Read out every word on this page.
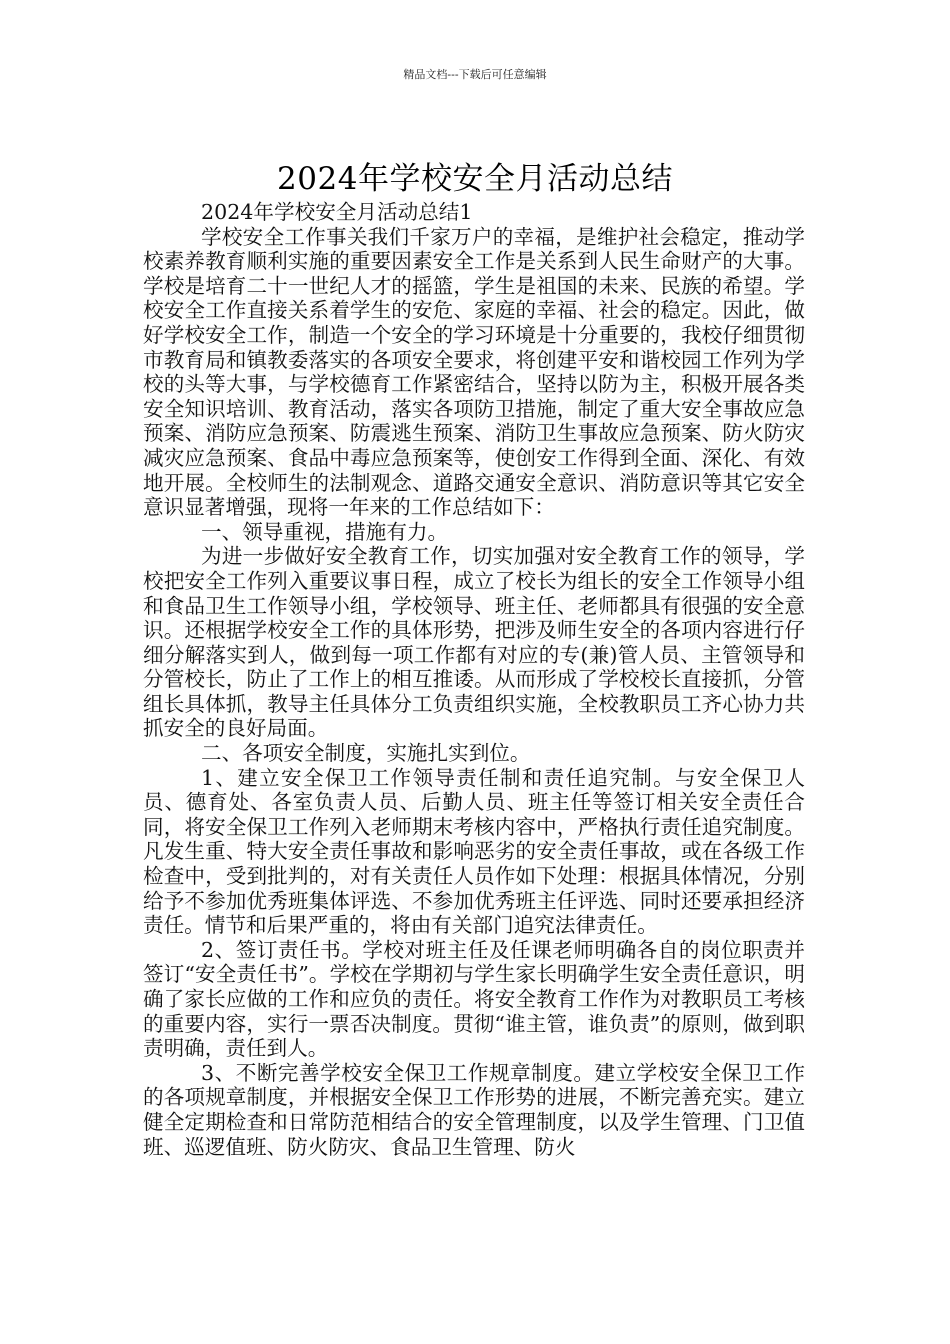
精品文档---下载后可任意编辑
2024年学校安全月活动总结

2024年学校安全月活动总结1

学校安全工作事关我们千家万户的幸福，是维护社会稳定，推动学校素养教育顺利实施的重要因素安全工作是关系到人民生命财产的大事。学校是培育二十一世纪人才的摇篮，学生是祖国的未来、民族的希望。学校安全工作直接关系着学生的安危、家庭的幸福、社会的稳定。因此，做好学校安全工作，制造一个安全的学习环境是十分重要的，我校仔细贯彻市教育局和镇教委落实的各项安全要求，将创建平安和谐校园工作列为学校的头等大事，与学校德育工作紧密结合，坚持以防为主，积极开展各类安全知识培训、教育活动，落实各项防卫措施，制定了重大安全事故应急预案、消防应急预案、防震逃生预案、消防卫生事故应急预案、防火防灾减灾应急预案、食品中毒应急预案等，使创安工作得到全面、深化、有效地开展。全校师生的法制观念、道路交通安全意识、消防意识等其它安全意识显著增强，现将一年来的工作总结如下：

一、领导重视，措施有力。

为进一步做好安全教育工作，切实加强对安全教育工作的领导，学校把安全工作列入重要议事日程，成立了校长为组长的安全工作领导小组和食品卫生工作领导小组，学校领导、班主任、老师都具有很强的安全意识。还根据学校安全工作的具体形势，把涉及师生安全的各项内容进行仔细分解落实到人，做到每一项工作都有对应的专(兼)管人员、主管领导和分管校长，防止了工作上的相互推诿。从而形成了学校校长直接抓，分管组长具体抓，教导主任具体分工负责组织实施，全校教职员工齐心协力共抓安全的良好局面。

二、各项安全制度，实施扎实到位。

1、建立安全保卫工作领导责任制和责任追究制。与安全保卫人员、德育处、各室负责人员、后勤人员、班主任等签订相关安全责任合同，将安全保卫工作列入老师期末考核内容中，严格执行责任追究制度。凡发生重、特大安全责任事故和影响恶劣的安全责任事故，或在各级工作检查中，受到批判的，对有关责任人员作如下处理：根据具体情况，分别给予不参加优秀班集体评选、不参加优秀班主任评选、同时还要承担经济责任。情节和后果严重的，将由有关部门追究法律责任。

2、签订责任书。学校对班主任及任课老师明确各自的岗位职责并签订“安全责任书”。学校在学期初与学生家长明确学生安全责任意识，明确了家长应做的工作和应负的责任。将安全教育工作作为对教职员工考核的重要内容，实行一票否决制度。贯彻“谁主管，谁负责”的原则，做到职责明确，责任到人。

3、不断完善学校安全保卫工作规章制度。建立学校安全保卫工作的各项规章制度，并根据安全保卫工作形势的进展，不断完善充实。建立健全定期检查和日常防范相结合的安全管理制度，以及学生管理、门卫值班、巡逻值班、防火防灾、食品卫生管理、防火
